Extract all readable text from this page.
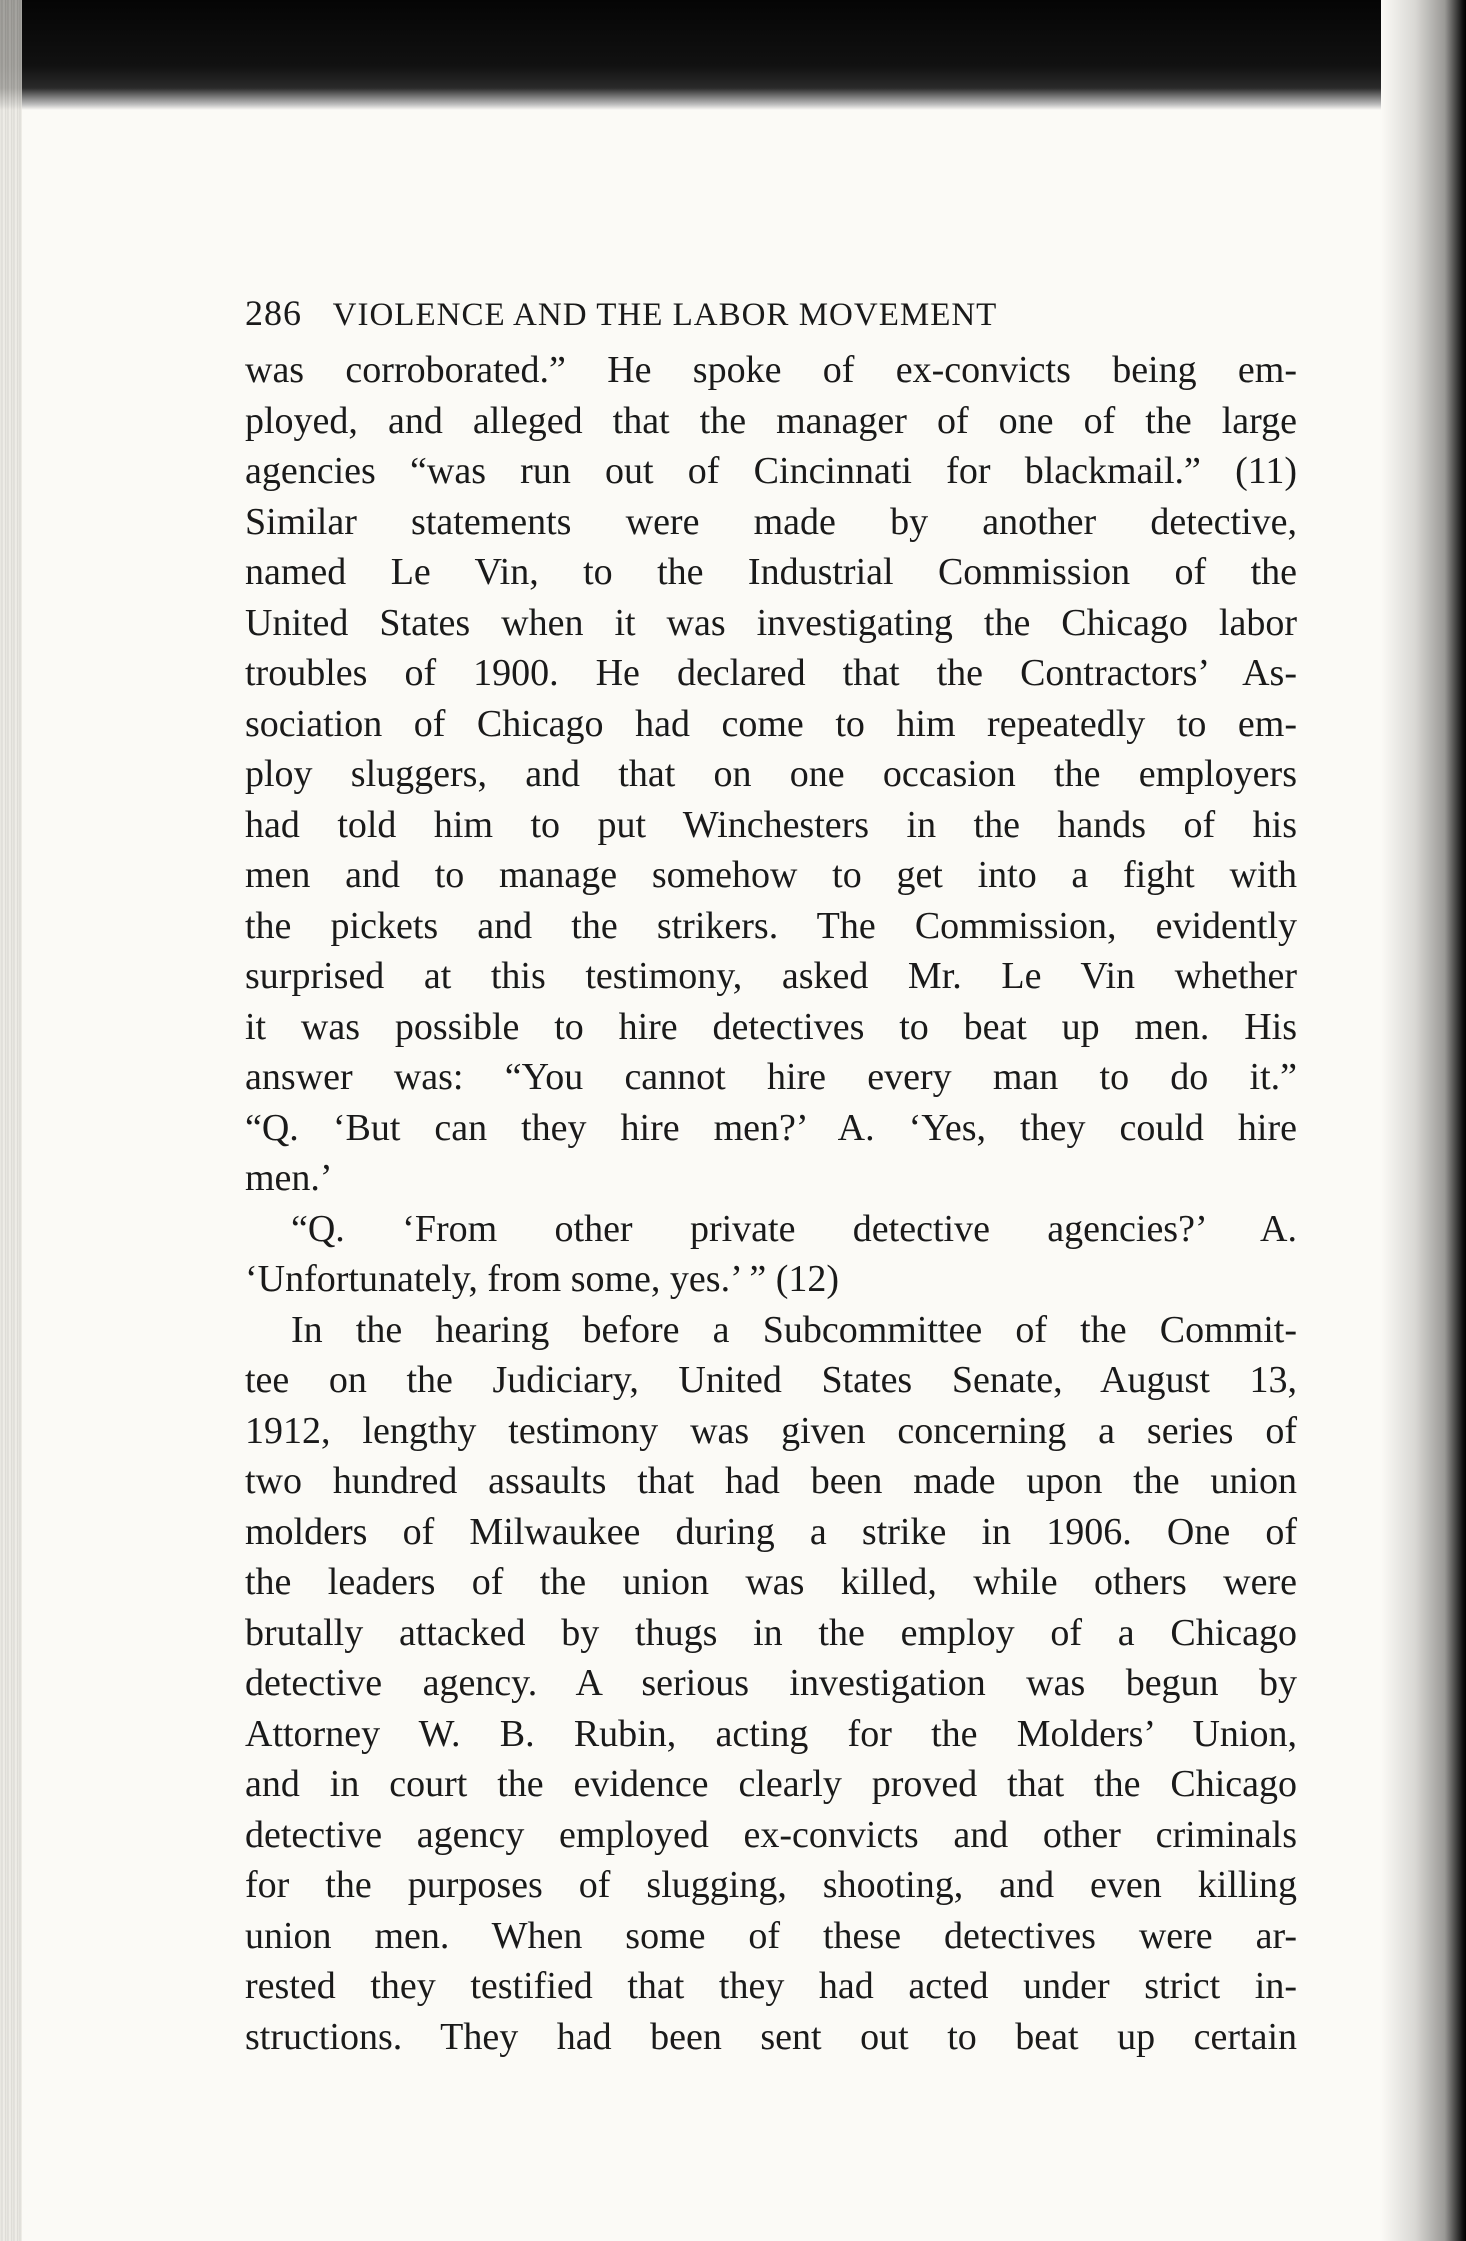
286 VIOLENCE AND THE LABOR MOVEMENT
was corroborated.” He spoke of ex-convicts being em-
ployed, and alleged that the manager of one of the large
agencies “was run out of Cincinnati for blackmail.” (11)
Similar statements were made by another detective,
named Le Vin, to the Industrial Commission of the
United States when it was investigating the Chicago labor
troubles of 1900. He declared that the Contractors’ As-
sociation of Chicago had come to him repeatedly to em-
ploy sluggers, and that on one occasion the employers
had told him to put Winchesters in the hands of his
men and to manage somehow to get into a fight with
the pickets and the strikers. The Commission, evidently
surprised at this testimony, asked Mr. Le Vin whether
it was possible to hire detectives to beat up men. His
answer was: “You cannot hire every man to do it.”
“Q. ‘But can they hire men?’ A. ‘Yes, they could hire
men.’
“Q. ‘From other private detective agencies?’ A.
‘Unfortunately, from some, yes.’ ” (12)
In the hearing before a Subcommittee of the Commit-
tee on the Judiciary, United States Senate, August 13,
1912, lengthy testimony was given concerning a series of
two hundred assaults that had been made upon the union
molders of Milwaukee during a strike in 1906. One of
the leaders of the union was killed, while others were
brutally attacked by thugs in the employ of a Chicago
detective agency. A serious investigation was begun by
Attorney W. B. Rubin, acting for the Molders’ Union,
and in court the evidence clearly proved that the Chicago
detective agency employed ex-convicts and other criminals
for the purposes of slugging, shooting, and even killing
union men. When some of these detectives were ar-
rested they testified that they had acted under strict in-
structions. They had been sent out to beat up certain
